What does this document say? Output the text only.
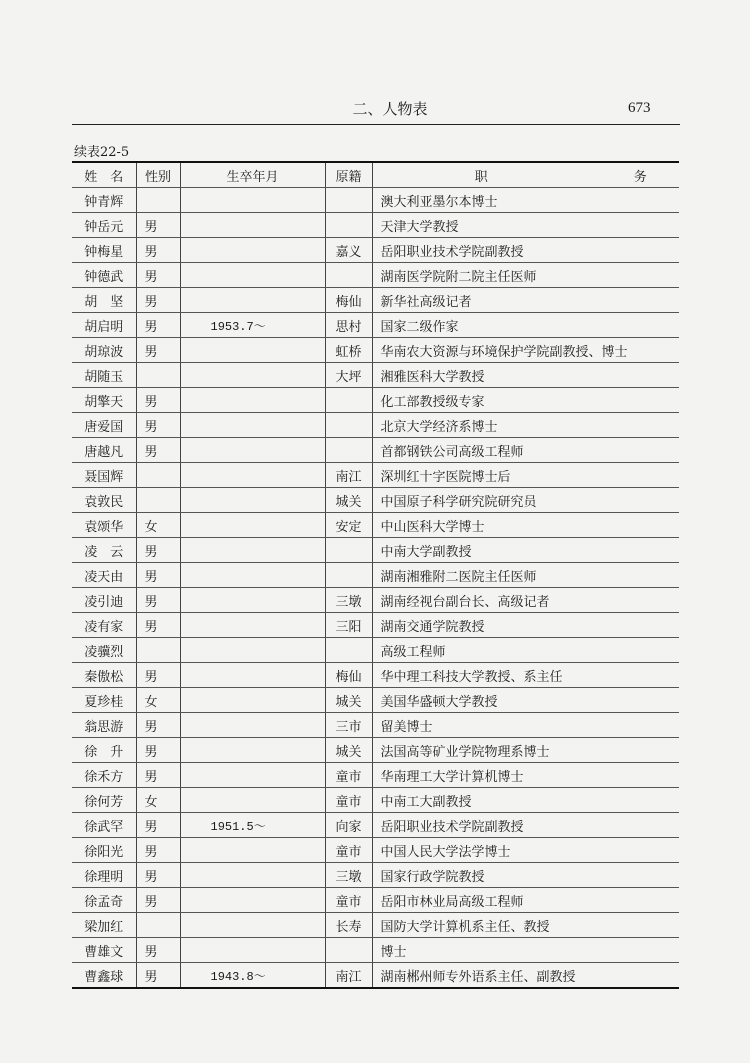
二、人物表	673
续表22-5
姓　名	性别	生卒年月	原籍	职 务
钟青辉				澳大利亚墨尔本博士
钟岳元	男			天津大学教授
钟梅星	男		嘉义	岳阳职业技术学院副教授
钟德武	男			湖南医学院附二院主任医师
胡　坚	男		梅仙	新华社高级记者
胡启明	男	1953.7～	思村	国家二级作家
胡琼波	男		虹桥	华南农大资源与环境保护学院副教授、博士
胡随玉			大坪	湘雅医科大学教授
胡擎天	男			化工部教授级专家
唐爱国	男			北京大学经济系博士
唐越凡	男			首都钢铁公司高级工程师
聂国辉			南江	深圳红十字医院博士后
袁敦民			城关	中国原子科学研究院研究员
袁颂华	女		安定	中山医科大学博士
凌　云	男			中南大学副教授
凌天由	男			湖南湘雅附二医院主任医师
凌引迪	男		三墩	湖南经视台副台长、高级记者
凌有家	男		三阳	湖南交通学院教授
凌骥烈				高级工程师
秦傲松	男		梅仙	华中理工科技大学教授、系主任
夏珍桂	女		城关	美国华盛顿大学教授
翁思游	男		三市	留美博士
徐　升	男		城关	法国高等矿业学院物理系博士
徐禾方	男		童市	华南理工大学计算机博士
徐何芳	女		童市	中南工大副教授
徐武罕	男	1951.5～	向家	岳阳职业技术学院副教授
徐阳光	男		童市	中国人民大学法学博士
徐理明	男		三墩	国家行政学院教授
徐孟奇	男		童市	岳阳市林业局高级工程师
梁加红			长寿	国防大学计算机系主任、教授
曹雄文	男			博士
曹鑫球	男	1943.8～	南江	湖南郴州师专外语系主任、副教授
